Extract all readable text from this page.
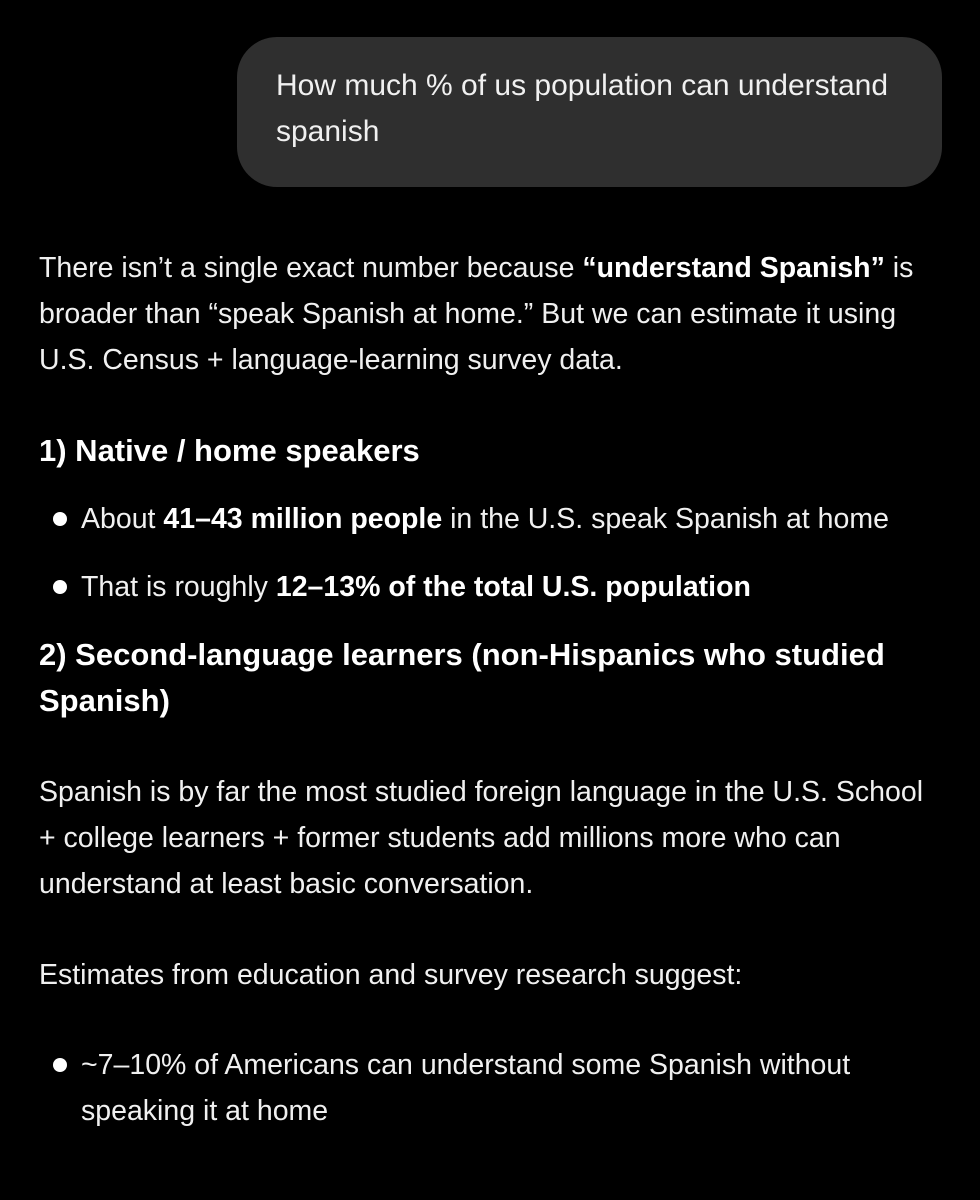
How much % of us population can understand spanish

There isn’t a single exact number because “understand Spanish” is broader than “speak Spanish at home.” But we can estimate it using U.S. Census + language-learning survey data.

1) Native / home speakers
About 41–43 million people in the U.S. speak Spanish at home
That is roughly 12–13% of the total U.S. population
2) Second-language learners (non-Hispanics who studied Spanish)

Spanish is by far the most studied foreign language in the U.S. School + college learners + former students add millions more who can understand at least basic conversation.

Estimates from education and survey research suggest:

~7–10% of Americans can understand some Spanish without speaking it at home
